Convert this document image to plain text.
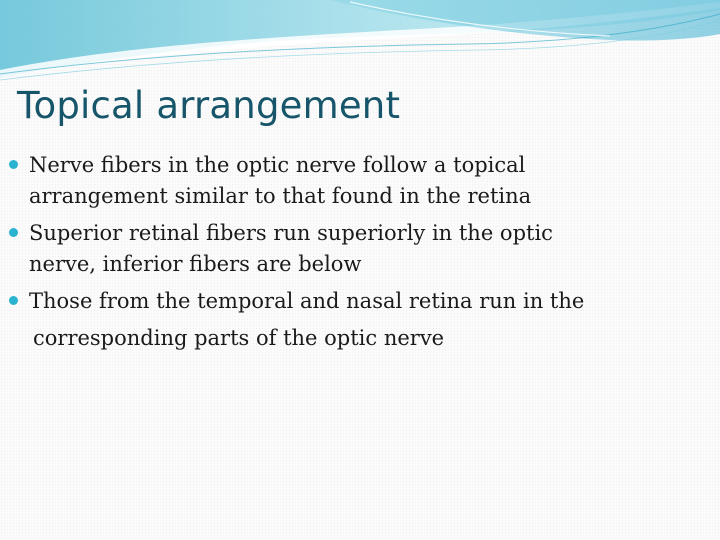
Topical arrangement
Nerve fibers in the optic nerve follow a topical
arrangement similar to that found in the retina
Superior retinal fibers run superiorly in the optic
nerve, inferior fibers are below
Those from the temporal and nasal retina run in the
corresponding parts of the optic nerve
